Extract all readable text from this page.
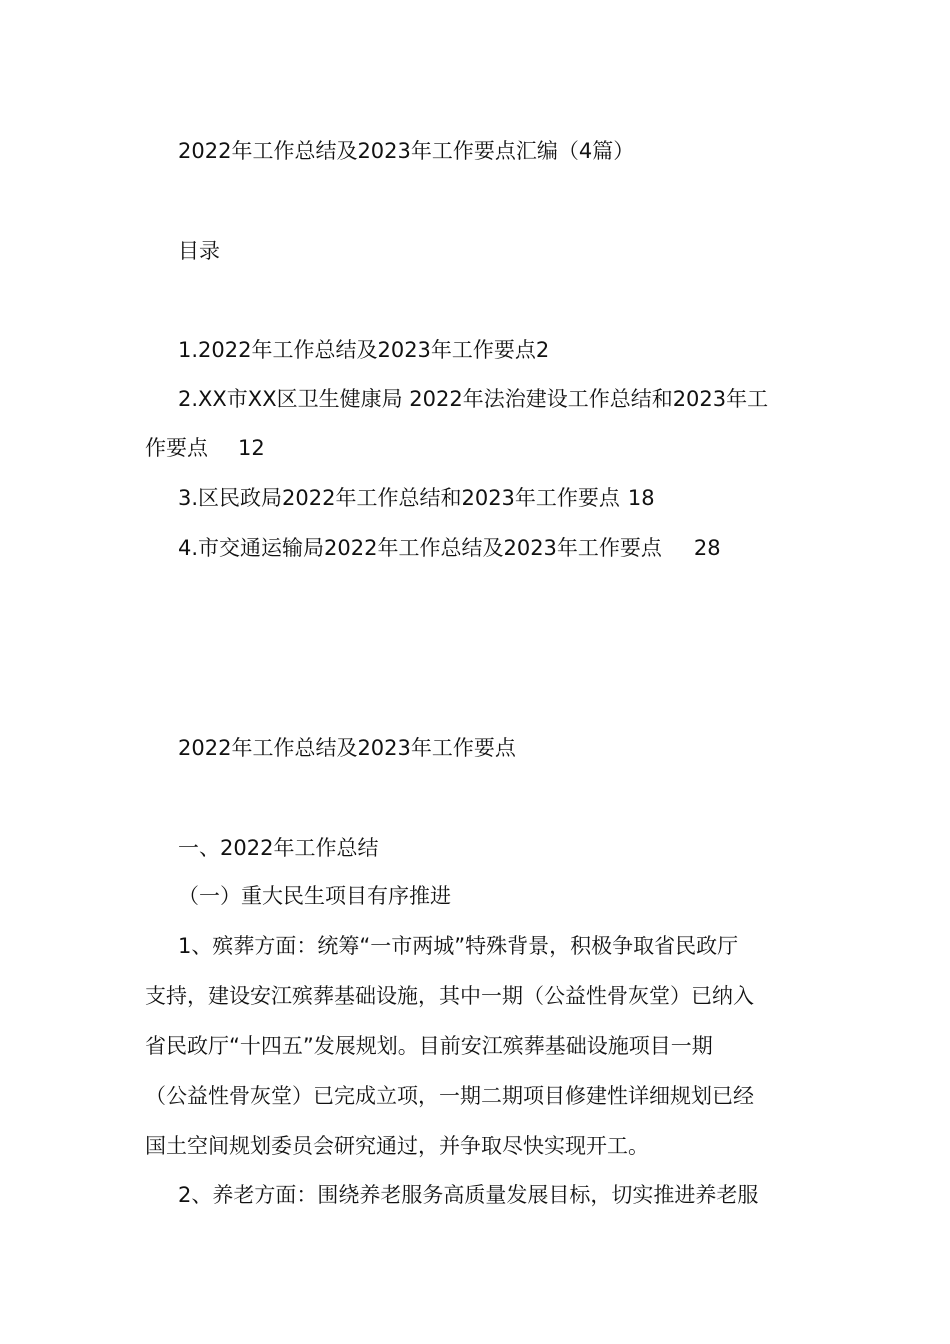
2022年工作总结及2023年工作要点汇编（4篇）
目录
1.2022年工作总结及2023年工作要点2
2.XX市XX区卫生健康局 2022年法治建设工作总结和2023年工
作要点 12
3.区民政局2022年工作总结和2023年工作要点 18
4.市交通运输局2022年工作总结及2023年工作要点 28
2022年工作总结及2023年工作要点
一、2022年工作总结
（一）重大民生项目有序推进
1、殡葬方面：统筹“一市两城”特殊背景，积极争取省民政厅
支持，建设安江殡葬基础设施，其中一期（公益性骨灰堂）已纳入
省民政厅“十四五”发展规划。目前安江殡葬基础设施项目一期
（公益性骨灰堂）已完成立项，一期二期项目修建性详细规划已经
国土空间规划委员会研究通过，并争取尽快实现开工。
2、养老方面：围绕养老服务高质量发展目标，切实推进养老服
